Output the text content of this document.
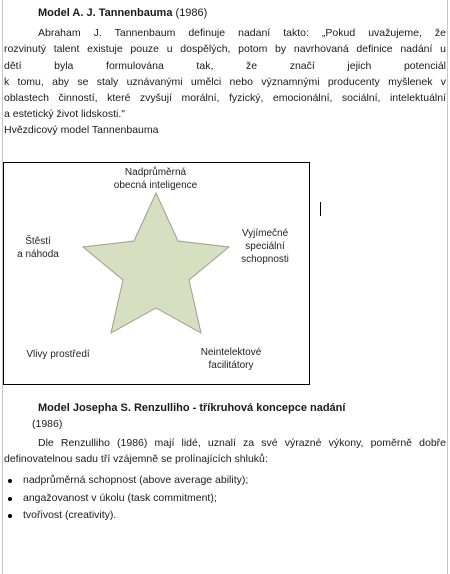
Model A. J. Tannenbauma (1986)
Abraham J. Tannenbaum definuje nadaní takto: „Pokud uvažujeme, že
rozvinutý talent existuje pouze u dospělých, potom by navrhovaná definice nadání u
dětí byla formulována tak, že značí jejich potenciál
k tomu, aby se staly uznávanými umělci nebo významnými producenty myšlenek v
oblastech činností, které zvyšují morální, fyzický, emocionální, sociální, intelektuální
a estetický život lidskosti."
Hvězdicový model Tannenbauma
Nadprůměrná
obecná inteligence
Štěstí
a náhoda
Vyjímečné
speciální
schopnosti
Vlivy prostředí	Neintelektové
facilitátory
Model Josepha S. Renzulliho - tříkruhová koncepce nadání
(1986)
Dle Renzulliho (1986) mají lidé, uznalí za své výrazné výkony, poměrně dobře
definovatelnou sadu tří vzájemně se prolínajících shluků:
nadprůměrná schopnost (above average ability);
angažovanost v úkolu (task commitment);
tvořivost (creativity).
